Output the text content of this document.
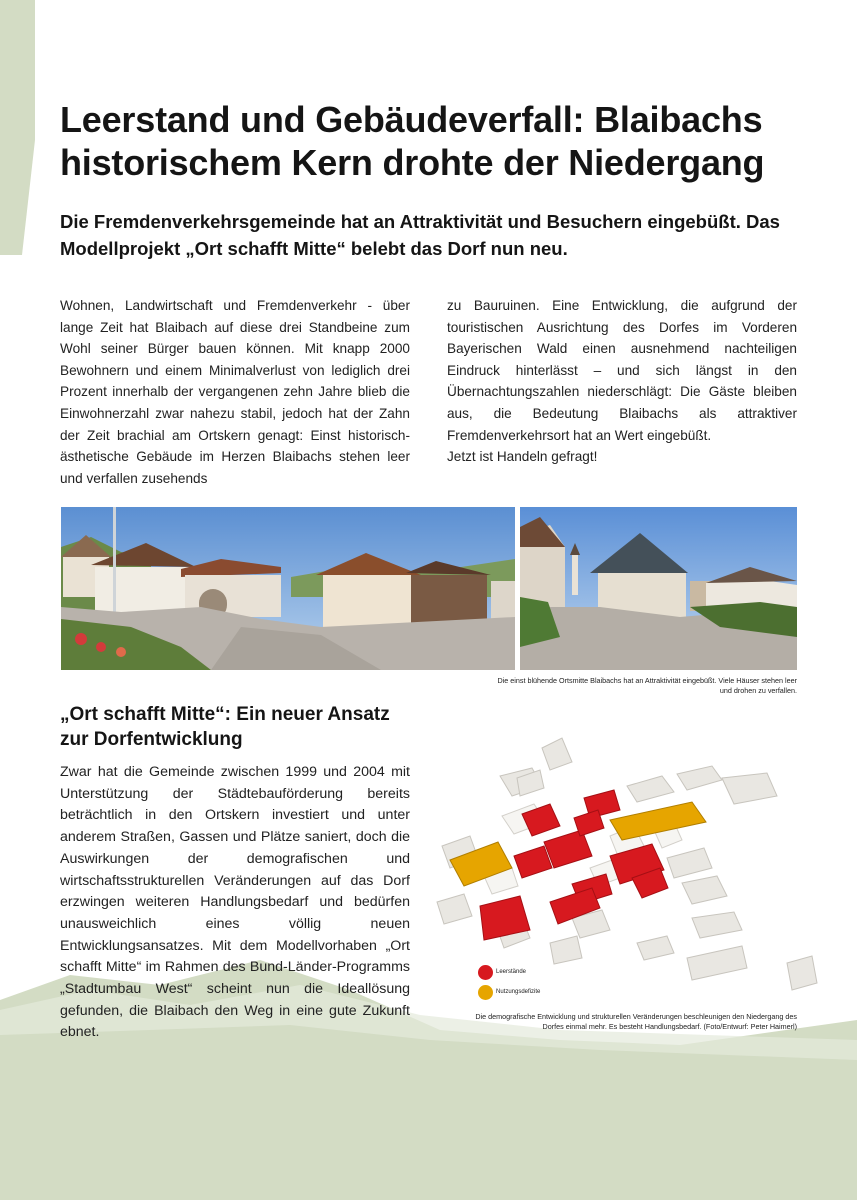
Leerstand und Gebäudeverfall: Blaibachs historischem Kern drohte der Niedergang

Die Fremdenverkehrsgemeinde hat an Attraktivität und Besuchern eingebüßt. Das Modellprojekt „Ort schafft Mitte“ belebt das Dorf nun neu.

Wohnen, Landwirtschaft und Fremdenverkehr - über lange Zeit hat Blaibach auf diese drei Standbeine zum Wohl seiner Bürger bauen können. Mit knapp 2000 Bewohnern und einem Minimalverlust von lediglich drei Prozent innerhalb der vergangenen zehn Jahre blieb die Einwohnerzahl zwar nahezu stabil, jedoch hat der Zahn der Zeit brachial am Ortskern genagt: Einst historisch-ästhetische Gebäude im Herzen Blaibachs stehen leer und verfallen zusehends

zu Bauruinen. Eine Entwicklung, die aufgrund der touristischen Ausrichtung des Dorfes im Vorderen Bayerischen Wald einen ausnehmend nachteiligen Eindruck hinterlässt – und sich längst in den Übernachtungszahlen niederschlägt: Die Gäste bleiben aus, die Bedeutung Blaibachs als attraktiver Fremdenverkehrsort hat an Wert eingebüßt.
Jetzt ist Handeln gefragt!

Die einst blühende Ortsmitte Blaibachs hat an Attraktivität eingebüßt. Viele Häuser stehen leer und drohen zu verfallen.

„Ort schafft Mitte“: Ein neuer Ansatz zur Dorfentwicklung

Zwar hat die Gemeinde zwischen 1999 und 2004 mit Unterstützung der Städtebauförderung bereits beträchtlich in den Ortskern investiert und unter anderem Straßen, Gassen und Plätze saniert, doch die Auswirkungen der demografischen und wirtschaftsstrukturellen Veränderungen auf das Dorf erzwingen weiteren Handlungsbedarf und bedürfen unausweichlich eines völlig neuen Entwicklungsansatzes. Mit dem Modellvorhaben „Ort schafft Mitte“ im Rahmen des Bund-Länder-Programms „Stadtumbau West“ scheint nun die Ideallösung gefunden, die Blaibach den Weg in eine gute Zukunft ebnet.

Leerstände
Nutzungsdefizite

Die demografische Entwicklung und strukturellen Veränderungen beschleunigen den Niedergang des Dorfes einmal mehr. Es besteht Handlungsbedarf. (Foto/Entwurf: Peter Haimerl)
